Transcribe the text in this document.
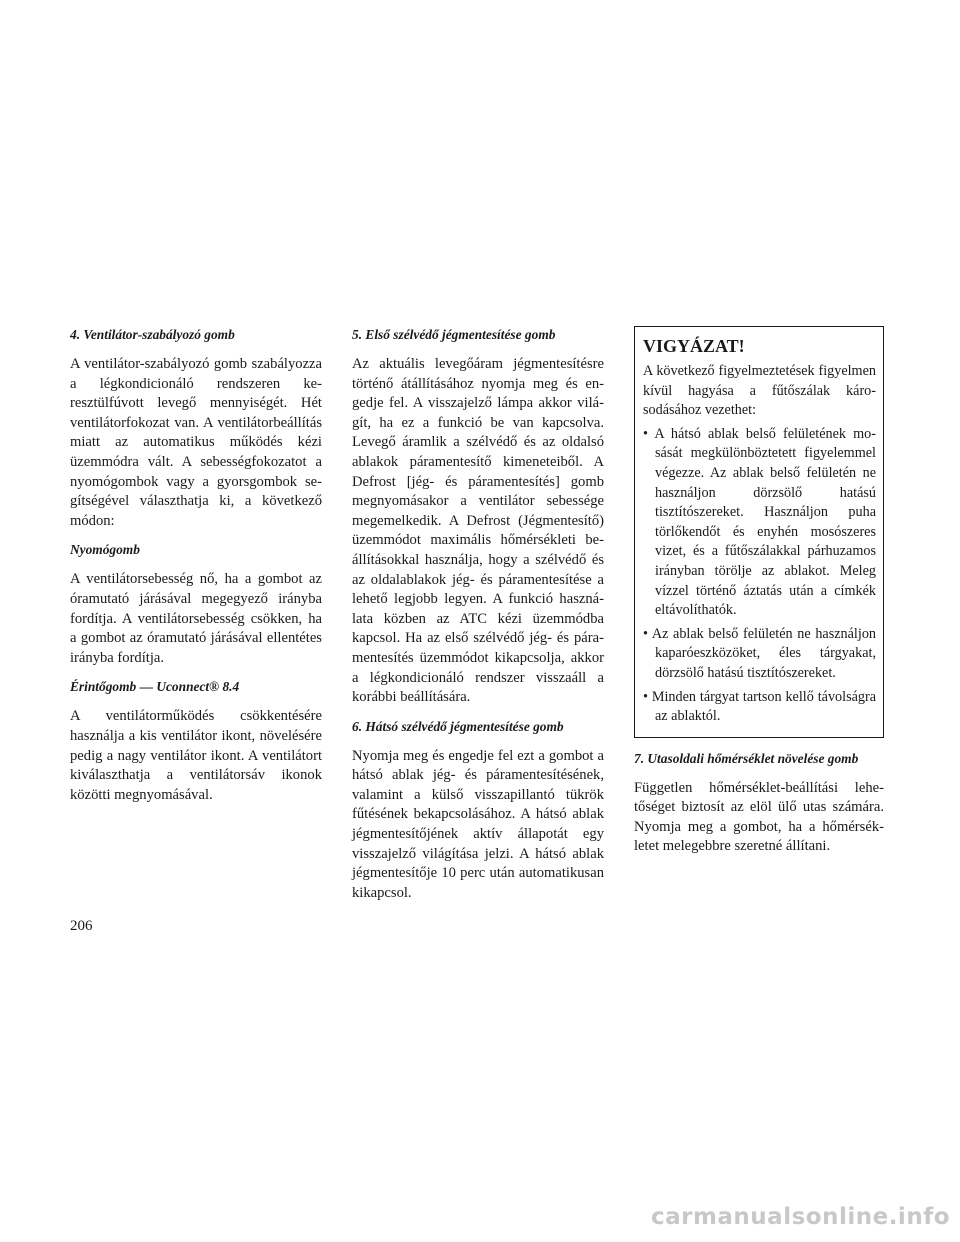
4. Ventilátor-szabályozó gomb

A ventilátor-szabályozó gomb szabályozza a légkondicionáló rendszeren keresztülfúvott levegő mennyiségét. Hét ventilátorfokozat van. A ventilátorbeállítás miatt az automatikus működés kézi üzemmódra vált. A sebességfokozatot a nyomógombok vagy a gyorsgombok segítségével választhatja ki, a következő módon:

Nyomógomb

A ventilátorsebesség nő, ha a gombot az óramutató járásával megegyező irányba fordítja. A ventilátorsebesség csökken, ha a gombot az óramutató járásával ellentétes irányba fordítja.

Érintőgomb — Uconnect® 8.4

A ventilátorműködés csökkentésére használja a kis ventilátor ikont, növelésére pedig a nagy ventilátor ikont. A ventilátort kiválaszthatja a ventilátorsáv ikonok közötti megnyomásával.

5. Első szélvédő jégmentesítése gomb

Az aktuális levegőáram jégmentesítésre történő átállításához nyomja meg és engedje fel. A visszajelző lámpa akkor világít, ha ez a funkció be van kapcsolva. Levegő áramlik a szélvédő és az oldalsó ablakok páramentesítő kimeneteiből. A Defrost [jég- és páramentesítés] gomb megnyomásakor a ventilátor sebessége megemelkedik. A Defrost (Jégmentesítő) üzemmódot maximális hőmérsékleti beállításokkal használja, hogy a szélvédő és az oldalablakok jég- és páramentesítése a lehető legjobb legyen. A funkció használata közben az ATC kézi üzemmódba kapcsol. Ha az első szélvédő jég- és páramentesítés üzemmódot kikapcsolja, akkor a légkondicionáló rendszer visszaáll a korábbi beállítására.

6. Hátsó szélvédő jégmentesítése gomb

Nyomja meg és engedje fel ezt a gombot a hátsó ablak jég- és páramentesítésének, valamint a külső visszapillantó tükrök fűtésének bekapcsolásához. A hátsó ablak jégmentesítőjének aktív állapotát egy visszajelző világítása jelzi. A hátsó ablak jégmentesítője 10 perc után automatikusan kikapcsol.

VIGYÁZAT!

A következő figyelmeztetések figyelmen kívül hagyása a fűtőszálak károsodásához vezethet:

• A hátsó ablak belső felületének mosását megkülönböztetett figyelemmel végezze. Az ablak belső felületén ne használjon dörzsölő hatású tisztítószereket. Használjon puha törlőkendőt és enyhén mosószeres vizet, és a fűtőszálakkal párhuzamos irányban törölje az ablakot. Meleg vízzel történő áztatás után a címkék eltávolíthatók.
• Az ablak belső felületén ne használjon kaparóeszközöket, éles tárgyakat, dörzsölő hatású tisztítószereket.
• Minden tárgyat tartson kellő távolságra az ablaktól.
7. Utasoldali hőmérséklet növelése gomb

Független hőmérséklet-beállítási lehetőséget biztosít az elöl ülő utas számára. Nyomja meg a gombot, ha a hőmérsékletet melegebbre szeretné állítani.

206
carmanualsonline.info
